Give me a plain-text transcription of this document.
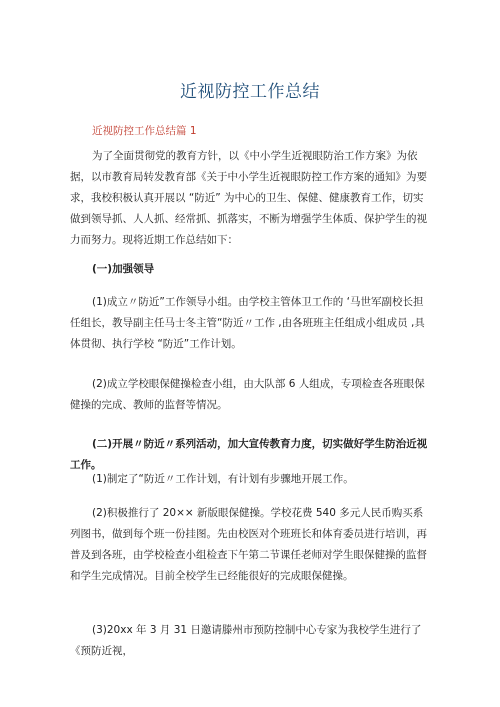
近视防控工作总结
近视防控工作总结篇 1
为了全面贯彻党的教育方针，以《中小学生近视眼防治工作方案》为依据，以市教育局转发教育部《关于中小学生近视眼防控工作方案的通知》为要求，我校积极认真开展以 “防近” 为中心的卫生、保健、健康教育工作，切实做到领导抓、人人抓、经常抓、抓落实，不断为增强学生体质、保护学生的视力而努力。现将近期工作总结如下：
(一)加强领导
(1)成立〃防近”工作领导小组。由学校主管体卫工作的 ‘马世军副校长担任组长，教导副主任马士冬主管“防近〃工作 ,由各班班主任组成小组成员 ,具体贯彻、执行学校 “防近”工作计划。
(2)成立学校眼保健操检查小组，由大队部 6 人组成，专项检查各班眼保健操的完成、教师的监督等情况。
(二)开展〃防近〃系列活动，加大宣传教育力度，切实做好学生防治近视工作。
(1)制定了“防近〃工作计划，有计划有步骤地开展工作。
(2)积极推行了 20×× 新版眼保健操。学校花费 540 多元人民币购买系列图书，做到每个班一份挂图。先由校医对个班班长和体育委员进行培训，再普及到各班，由学校检查小组检查下午第二节课任老师对学生眼保健操的监督和学生完成情况。目前全校学生已经能很好的完成眼保健操。
(3)20xx 年 3 月 31 日邀请滕州市预防控制中心专家为我校学生进行了《预防近视，
